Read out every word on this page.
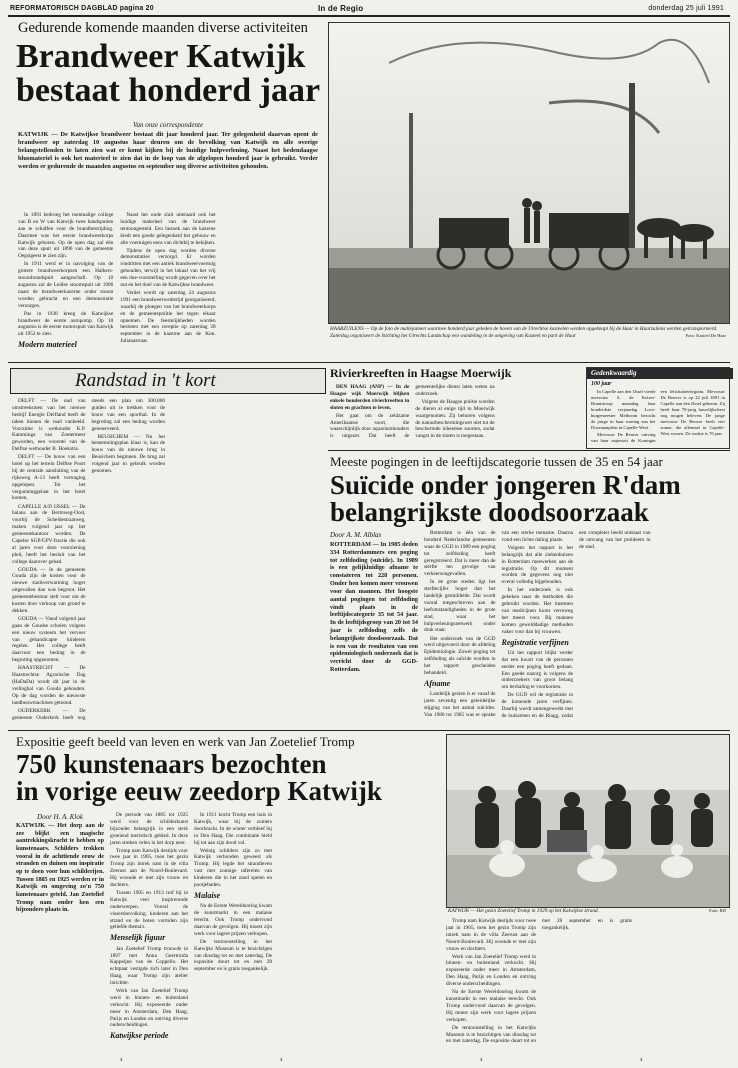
REFORMATORISCH DAGBLAD pagina 20	In de Regio	donderdag 25 juli 1991
Gedurende komende maanden diverse activiteiten
Brandweer Katwijk
bestaat honderd jaar
Van onze correspondente
KATWIJK — De Katwijkse brandweer bestaat dit jaar honderd jaar. Ter gelegenheid daarvan opent de brandweer op zaterdag 10 augustus haar deuren om de bevolking van Katwijk en alle overige belangstellenden te laten zien wat er komt kijken bij de huidige hulpverlening. Naast het hedendaagse blusmateriel is ook het materieel te zien dat in de loop van de afgelopen honderd jaar is gebruikt. Verder worden er gedurende de maanden augustus en september nog diverse activiteiten gehouden.

In 1891 bedroeg het toenmalige college van B en W van Katwijk twee handspuiten aan te schaffen voor de brandbestrijding. Daarmee was het eerste brandweerkorps Katwijk geboren. Op de open dag zal één van deze spuit uit 1896 van de gemeente Oegstgeest te zien zijn.

In 1911 werd er in navolging van de grotere brandweerkorpsen een Halkers-stoombrandspuit aangeschaft. Op 10 augustus zal de Leidse stoomspuit uit 1906 naast de brandweerkazerne onder stoom worden gebracht en een demonstratie verzorgen.

Pas in 1930 kreeg de Katwijkse brandweer de eerste autopomp. Op 10 augustus is de eerste motorspuit van Katwijk uit 1952 te zien.

Modern materieel

Naast het oude sluit uiteraard ook het huidige materieel van de brandweer tentoongesteld. Een bezoek aan de kazerne biedt een goede gelegenheid het gebouw en alle voertuigen eens van dichtbij te bekijken.

Tijdens de open dag worden diverse demonstraties verzorgd. Er worden rondritten met een antiek brandweervoertuig gehouden, terwijl in het lokaal van het vrij een doe-voorstelling wordt gegeven over het nut en het doel van de Katwijkse brandweer.

Verder wordt op zaterdag 24 augustus 1991 een brandweerwedstrijd georganiseerd, waarbij de ploegen van het brandweerkorps en de gemeentepolitie het tegen elkaar opnemen. De feestelijkheden worden besloten met een receptie op zaterdag 28 september in de kazerne aan de Kon. Julianastraat.

HAARZUILENS — Op de foto de mallejannen waarmee honderd jaar geleden de hoven van de Utrechtse kasteelen werden opgeknapt bij de Haar in Haarzuilens werden getransporteerd. Zaterdag organiseert de Stichting het Utrechts Landschap een wandeling in de omgeving van Kasteel en park de Haar	Foto: Kasteel De Haar
Randstad in 't kort

DELFT — De oud van omstreeksmen van het nieuwe bedrijf Energie Delfland heeft de taken binnen de raad vanbeeld. Voorzitter is wethouder K.P. Kamminga van Zoetermeer geworden, een voorstel van de Delftse wethouder B. Hoekstra.

DELFT — De bouw van een hotel op het terrein Delftse Poort bij de centrale aansluiting van de rijksweg A-13 heeft vertraging opgelopen. Tot het vergunninggelaat in het hotel komen.

CAPELLE A/D IJSSEL — De balans aan de Bermweg-Oost, voorbij de Scheldestraatweg, maken volgend jaar op het gemeentekantoor worden. De Capelse SGP/GPV-fractie die ook al jaren voor deze voorziening pleit, heeft het besluit van het college daarover gehad.

GOUDA — In de gemeente Gouda zijn de kosten voor de nieuwe stadsverwarming hoger uitgevallen dan was begroot. Het gemeentebestuur stelt voor om de kosten door verkoop van grond te dekken.

GOUDA — Vanaf volgend jaar gaan de Goudse scholen volgens een nieuw systeem het vervoer van gehandicapte kinderen regelen. Het college heeft daarvoor een bedrag in de begroting opgenomen.

HAASTRECHT — De Haastrechtse Agrarische Dag (HaDaDa) wordt dit jaar in de veilinghal van Gouda gehouden. Op de dag worden de nieuwste landbouwmachines getoond.

OUDERKERK — De gemeente Ouderkerk heeft nog steeds een plan om 300.000 gulden uit te trekken voor de bouw van een sporthal. In de begroting zal een bedrag worden gereserveerd.

BEUSICHEM — Nu het bestemmingsplan klaar is, kan de bouw van de nieuwe brug in Beusichem beginnen. De brug zal volgend jaar in gebruik worden genomen.

Rivierkreeften in Haagse Moerwijk

DEN HAAG (ANP) — In de Haagse wijk Moerwijk blijken enkele honderden rivierkreeften in sloten en grachten te leven.

Het gaat om de zeldzame Amerikaanse soort, die waarschijnlijk door aquariumhouders is uitgezet. Dat heeft de gemeentelijke dienst laten weten na onderzoek.

Volgens de Haagse politie worden de dieren al enige tijd in Moerwijk waargenomen. Zij behoren volgens de natuurbeschermingswet niet tot de beschermde inheemse soorten, zodat vangst in de sloten is toegestaan.

Gedenkwaardig
100 jaar

In Capelle aan den IJssel vierde mevrouw A. de Keizer-Brantstroop maandag haar honderdste verjaardag. Loco-burgemeester Melboom bezocht de jarige in haar woning aan het Doormanplein in Capelle-West.

Mevrouw De Reuver ontving van haar majesteit de Koningin een felicitatietelegram. Mevrouw De Reuver is op 22 juli 1891 in Capelle aan den IJssel geboren. Zij heeft haar 70-jarig huwelijksfeest nog mogen beleven. De jarige mevrouw De Reuver heeft vier zonen, die allemaal in Capelle-West wonen. De oudste is 76 jaar.

Meeste pogingen in de leeftijdscategorie tussen de 35 en 54 jaar
Suïcide onder jongeren R'dam
belangrijkste doodsoorzaak
Door A. M. Alblas
ROTTERDAM — In 1985 deden 334 Rotterdammers een poging tot zelfdoding (suïcide). In 1989 is een gelijkluidige afname te constateren tot 228 personen. Onder hen komen meer vrouwen voor dan mannen. Het hoogste aantal pogingen tot zelfdoding vindt plaats in de leeftijdscategorie 35 tot 54 jaar. In de leeftijdsgroep van 20 tot 34 jaar is zelfdoding zelfs de belangrijkste doodsoorzaak. Dat is een van de resultaten van een epidemiologisch onderzoek dat is verricht door de GGD-Rotterdam.

Rotterdam is één van de honderd Nederlandse gemeenten waar de GGD in 1989 een poging tot zelfdoding heeft geregistreerd. Dat is meer dan de stérfte ten gevolge van verkeersongevallen.

In de grote steden ligt het sterftecijfer hoger dan het landelijk gemiddelde. Dat wordt vooral toegeschreven aan de leefomstandigheden in de grote stad, waar het hulpverleningsnetwerk onder druk staat.

Het onderzoek van de GGD werd uitgevoerd door de afdeling Epidemiologie. Zowel poging tot zelfdoding als suïcide worden in het rapport gescheiden behandeld.

Afname

Landelijk gezien is er vanaf de jaren zeventig een geleidelijke stijging van het aantal suïcides. Van 1980 tot 1985 was er sprake van een sterke toename. Daarna vond een lichte daling plaats.

Volgens het rapport is het belangrijk dat alle ziekenhuizen in Rotterdam meewerken aan de registratie. Op dit moment worden de gegevens nog niet overal volledig bijgehouden.

In het onderzoek is ook gekeken naar de methoden die gebruikt worden. Het innemen van medicijnen komt verreweg het meest voor. Bij mannen komen gewelddadige methoden vaker voor dan bij vrouwen.

Registratie verfijnen

Uit het rapport blijkt verder dat een kwart van de personen eerder een poging heeft gedaan. Een goede nazorg is volgens de onderzoekers van groot belang om herhaling te voorkomen.

De GGD wil de registratie in de komende jaren verfijnen. Daarbij wordt samengewerkt met de huisartsen en de Riagg, zodat een completer beeld ontstaat van de omvang van het probleem in de stad.

Expositie geeft beeld van leven en werk van Jan Zoetelief Tromp
750 kunstenaars bezochten
in vorige eeuw zeedorp Katwijk
Door H. A. Klok
KATWIJK — Het dorp aan de zee blijkt een magische aantrekkingskracht te hebben op kunstenaars. Schilders trokken vooral in de achttiende eeuw de stranden en duinen om inspiratie op te doen voor hun schilderijen. Tussen 1885 en 1925 werden er in Katwijk en omgeving zo'n 750 kunstenaars geteld. Jan Zoetelief Tromp nam onder hen een bijzondere plaats in.

De periode van 1885 tot 1925 werd voor de schilderkunst bijzonder belangrijk in een sterk groeiend toeristisch gebied. In deze jaren streken velen in het dorp neer.

Tromp nam Katwijk destijds voor twee jaar in 1905, toen het gezin Tromp zijn intrek nam in de villa Zeerust aan de Noord-Boulevard. Hij woonde er met zijn vrouw en dochters.

Tussen 1905 en 1913 trof hij in Katwijk veel inspirerende onderwerpen. Vooral de vissersbevolking, kinderen aan het strand en de boten vormden zijn geliefde thema's.

Menselijk figuur

Jan Zoetelief Tromp trouwde in 1897 met Anna Geertruida Kappeijne van de Coppello. Het echtpaar vestigde zich later in Den Haag, waar Tromp zijn atelier inrichtte.

Werk van Jan Zoetelief Tromp werd in binnen- en buitenland verkocht. Hij exposeerde onder meer in Amsterdam, Den Haag, Parijs en Londen en ontving diverse onderscheidingen.

Katwijkse periode

In 1911 kocht Tromp een huis in Katwijk, waar hij de zomers doorbracht. In de winter verbleef hij in Den Haag. Die combinatie hield hij tot aan zijn dood vol.

Weinig schilders zijn zo met Katwijk verbonden geweest als Tromp. Hij legde het strandleven vast met zonnige taferelen van kinderen die in het zand spelen en pootjebaden.

Malaise

Na de Eerste Wereldoorlog kwam de kunstmarkt in een malaise terecht. Ook Tromp ondervond daarvan de gevolgen. Hij moest zijn werk voor lagere prijzen verkopen.

De tentoonstelling in het Katwijks Museum is te bezichtigen van dinsdag tot en met zaterdag. De expositie duurt tot en met 28 september en is gratis toegankelijk.

KATWIJK — Het gezin Zoetelief Tromp in 1929 op het Katwijkse strand.	Foto: RD

Tromp nam Katwijk destijds voor twee jaar in 1905, toen het gezin Tromp zijn intrek nam in de villa Zeerust aan de Noord-Boulevard. Hij woonde er met zijn vrouw en dochters.

Werk van Jan Zoetelief Tromp werd in binnen- en buitenland verkocht. Hij exposeerde onder meer in Amsterdam, Den Haag, Parijs en Londen en ontving diverse onderscheidingen.

Na de Eerste Wereldoorlog kwam de kunstmarkt in een malaise terecht. Ook Tromp ondervond daarvan de gevolgen. Hij moest zijn werk voor lagere prijzen verkopen.

De tentoonstelling in het Katwijks Museum is te bezichtigen van dinsdag tot en met zaterdag. De expositie duurt tot en met 28 september en is gratis toegankelijk.

4	4	4	4
